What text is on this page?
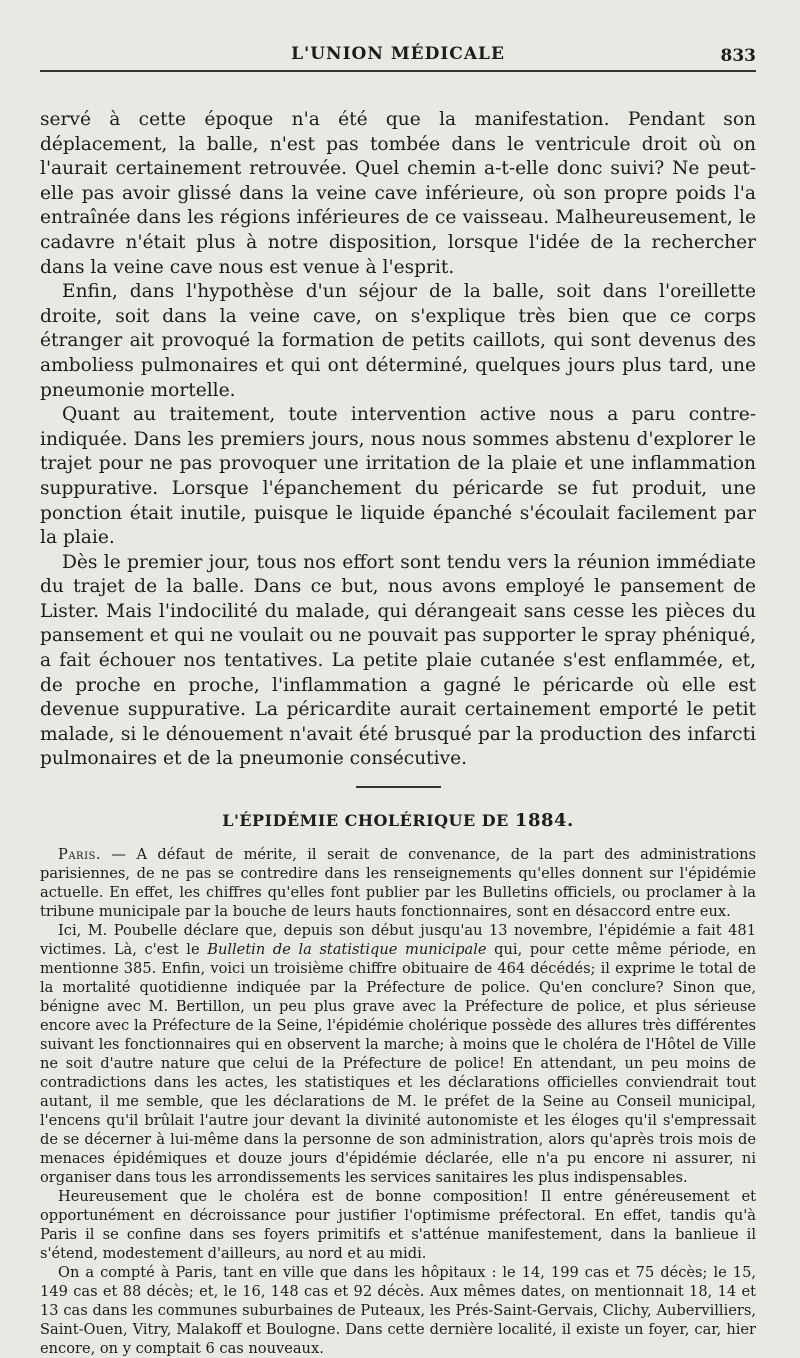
L'UNION MÉDICALE	833

servé à cette époque n'a été que la manifestation. Pendant son déplacement, la balle, n'est pas tombée dans le ventricule droit où on l'aurait certainement retrouvée. Quel chemin a-t-elle donc suivi? Ne peut-elle pas avoir glissé dans la veine cave inférieure, où son propre poids l'a entraînée dans les régions inférieures de ce vaisseau. Malheureusement, le cadavre n'était plus à notre disposition, lorsque l'idée de la rechercher dans la veine cave nous est venue à l'esprit.

Enfin, dans l'hypothèse d'un séjour de la balle, soit dans l'oreillette droite, soit dans la veine cave, on s'explique très bien que ce corps étranger ait provoqué la formation de petits caillots, qui sont devenus des amboliess pulmonaires et qui ont déterminé, quelques jours plus tard, une pneumonie mortelle.

Quant au traitement, toute intervention active nous a paru contre-indiquée. Dans les premiers jours, nous nous sommes abstenu d'explorer le trajet pour ne pas provoquer une irritation de la plaie et une inflammation suppurative. Lorsque l'épanchement du péricarde se fut produit, une ponction était inutile, puisque le liquide épanché s'écoulait facilement par la plaie.

Dès le premier jour, tous nos effort sont tendu vers la réunion immédiate du trajet de la balle. Dans ce but, nous avons employé le pansement de Lister. Mais l'indocilité du malade, qui dérangeait sans cesse les pièces du pansement et qui ne voulait ou ne pouvait pas supporter le spray phéniqué, a fait échouer nos tentatives. La petite plaie cutanée s'est enflammée, et, de proche en proche, l'inflammation a gagné le péricarde où elle est devenue suppurative. La péricardite aurait certainement emporté le petit malade, si le dénouement n'avait été brusqué par la production des infarcti pulmonaires et de la pneumonie consécutive.

L'ÉPIDÉMIE CHOLÉRIQUE DE 1884.

Paris. — A défaut de mérite, il serait de convenance, de la part des administrations parisiennes, de ne pas se contredire dans les renseignements qu'elles donnent sur l'épidémie actuelle. En effet, les chiffres qu'elles font publier par les Bulletins officiels, ou proclamer à la tribune municipale par la bouche de leurs hauts fonctionnaires, sont en désaccord entre eux.

Ici, M. Poubelle déclare que, depuis son début jusqu'au 13 novembre, l'épidémie a fait 481 victimes. Là, c'est le Bulletin de la statistique municipale qui, pour cette même période, en mentionne 385. Enfin, voici un troisième chiffre obituaire de 464 décédés; il exprime le total de la mortalité quotidienne indiquée par la Préfecture de police. Qu'en conclure? Sinon que, bénigne avec M. Bertillon, un peu plus grave avec la Préfecture de police, et plus sérieuse encore avec la Préfecture de la Seine, l'épidémie cholérique possède des allures très différentes suivant les fonctionnaires qui en observent la marche; à moins que le choléra de l'Hôtel de Ville ne soit d'autre nature que celui de la Préfecture de police! En attendant, un peu moins de contradictions dans les actes, les statistiques et les déclarations officielles conviendrait tout autant, il me semble, que les déclarations de M. le préfet de la Seine au Conseil municipal, l'encens qu'il brûlait l'autre jour devant la divinité autonomiste et les éloges qu'il s'empressait de se décerner à lui-même dans la personne de son administration, alors qu'après trois mois de menaces épidémiques et douze jours d'épidémie déclarée, elle n'a pu encore ni assurer, ni organiser dans tous les arrondissements les services sanitaires les plus indispensables.

Heureusement que le choléra est de bonne composition! Il entre généreusement et opportunément en décroissance pour justifier l'optimisme préfectoral. En effet, tandis qu'à Paris il se confine dans ses foyers primitifs et s'atténue manifestement, dans la banlieue il s'étend, modestement d'ailleurs, au nord et au midi.

On a compté à Paris, tant en ville que dans les hôpitaux : le 14, 199 cas et 75 décès; le 15, 149 cas et 88 décès; et, le 16, 148 cas et 92 décès. Aux mêmes dates, on mentionnait 18, 14 et 13 cas dans les communes suburbaines de Puteaux, les Prés-Saint-Gervais, Clichy, Aubervilliers, Saint-Ouen, Vitry, Malakoff et Boulogne. Dans cette dernière localité, il existe un foyer, car, hier encore, on y comptait 6 cas nouveaux.
